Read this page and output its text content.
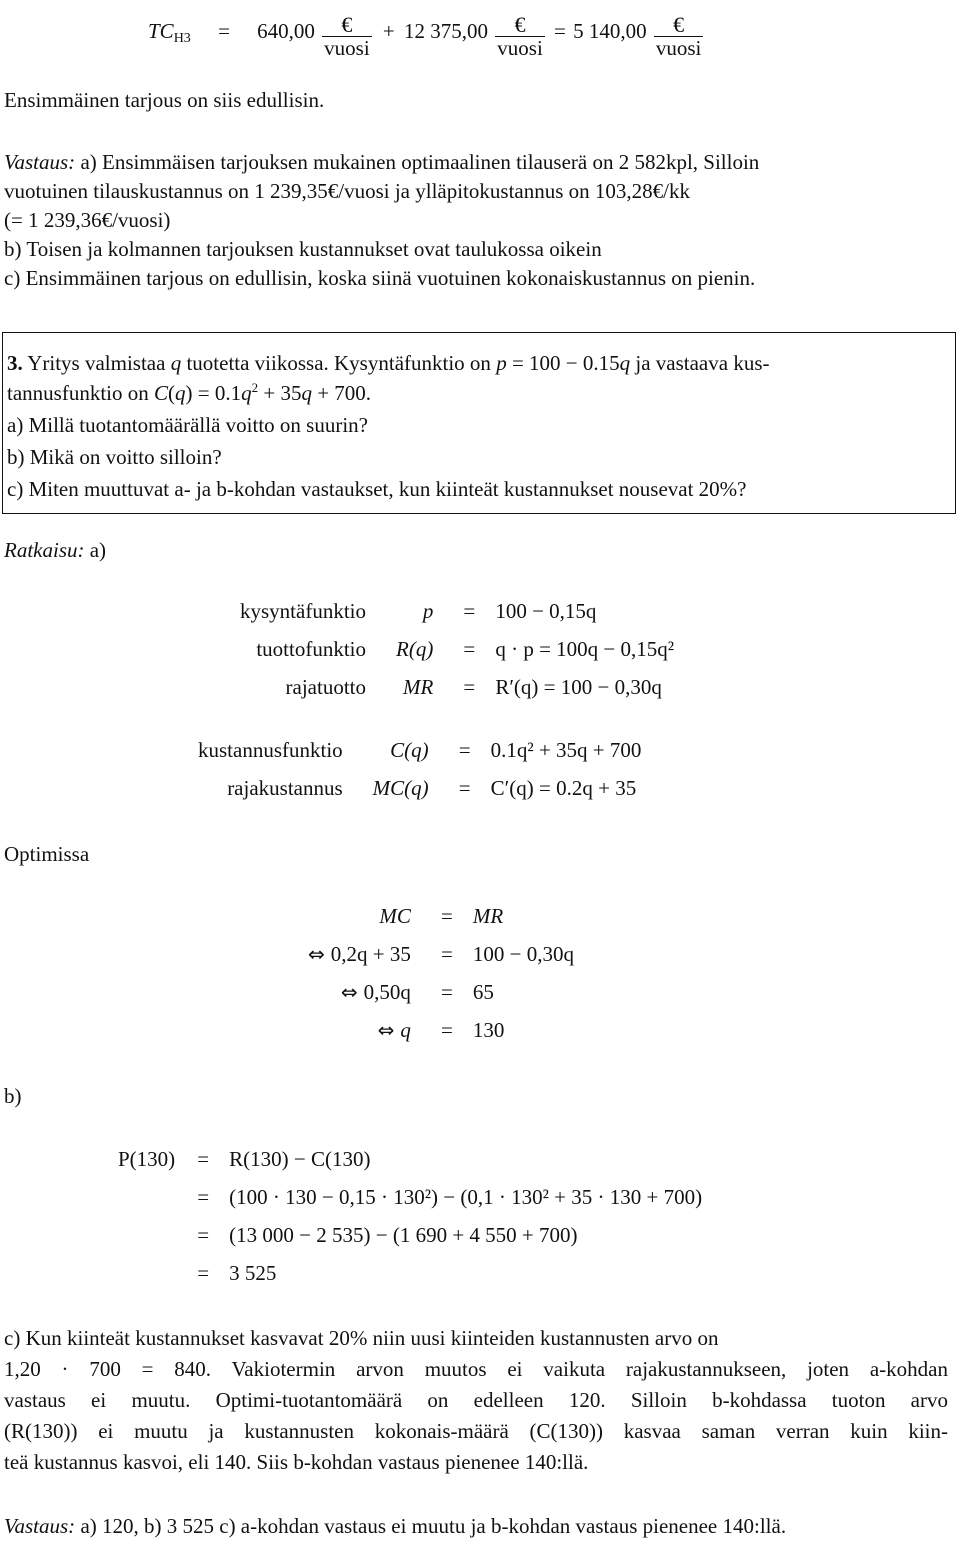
$TC_{H3} = 640,00 \frac{€}{\text{vuosi}} + 12$ $375,00 \frac{€}{\text{vuosi}} = 5$ $140,00 \frac{€}{\text{vuosi}}$
Ensimmäinen tarjous on siis edullisin.
Vastaus: a) Ensimmäisen tarjouksen mukainen optimaalinen tilauserä on 2 582kpl, Silloin
vuotuinen tilauskustannus on 1 239,35€/vuosi ja ylläpitokustannus on 103,28€/kk
(= 1 239,36€/vuosi)
b) Toisen ja kolmannen tarjouksen kustannukset ovat taulukossa oikein
c) Ensimmäinen tarjous on edullisin, koska siinä vuotuinen kokonaiskustannus on pienin.
3. Yritys valmistaa q tuotetta viikossa. Kysyntäfunktio on p = 100 − 0.15q ja vastaava kus-
tannusfunktio on $C(q) = 0.1q^2 + 35q + 700$.
a) Millä tuotantomäärällä voitto on suurin?
b) Mikä on voitto silloin?
c) Miten muuttuvat a- ja b-kohdan vastaukset, kun kiinteät kustannukset nousevat 20%?
Ratkaisu: a)
kysyntäfunktio	p	=	100 − 0,15q
tuottofunktio	R(q)	=	q · p = 100q − 0,15q²
rajatuotto	MR	=	R′(q) = 100 − 0,30q
kustannusfunktio	C(q)	=	0.1q² + 35q + 700
rajakustannus	MC(q)	=	C′(q) = 0.2q + 35
Optimissa
MC	=	MR
⇔ 0,2q + 35	=	100 − 0,30q
⇔ 0,50q	=	65
⇔ q	=	130
b)
P(130)	=	R(130) − C(130)
	=	(100 · 130 − 0,15 · 130²) − (0,1 · 130² + 35 · 130 + 700)
	=	(13 000 − 2 535) − (1 690 + 4 550 + 700)
	=	3 525
c) Kun kiinteät kustannukset kasvavat 20% niin uusi kiinteiden kustannusten arvo on
1,20 · 700 = 840. Vakiotermin arvon muutos ei vaikuta rajakustannukseen, joten a-kohdan
vastaus ei muutu. Optimi-tuotantomäärä on edelleen 120. Silloin b-kohdassa tuoton arvo
(R(130)) ei muutu ja kustannusten kokonais-määrä (C(130)) kasvaa saman verran kuin kiin-
teä kustannus kasvoi, eli 140. Siis b-kohdan vastaus pienenee 140:llä.
Vastaus: a) 120, b) 3 525 c) a-kohdan vastaus ei muutu ja b-kohdan vastaus pienenee 140:llä.
